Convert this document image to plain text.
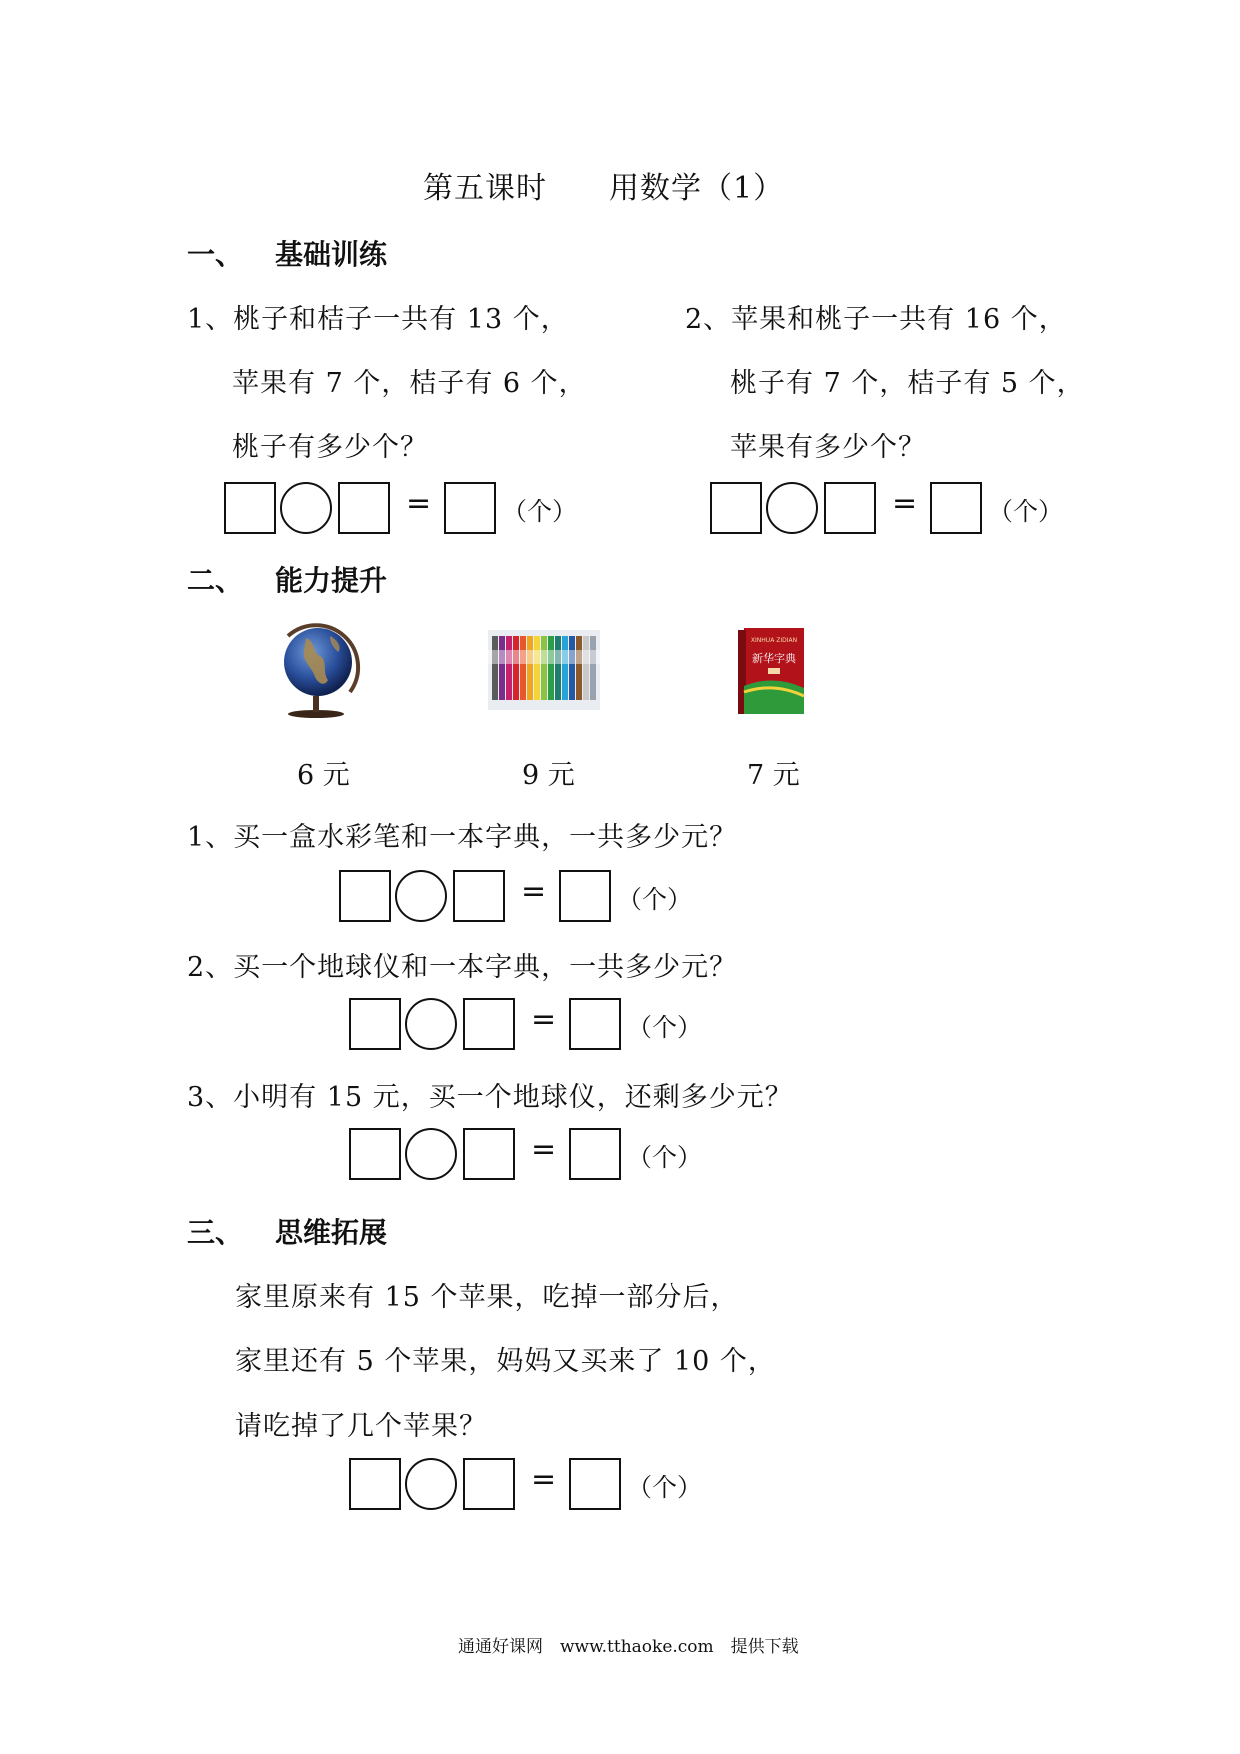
第五课时　　用数学（1）
一、 基础训练
1、桃子和桔子一共有 13 个，
苹果有 7 个，桔子有 6 个，
桃子有多少个？
2、苹果和桃子一共有 16 个，
桃子有 7 个，桔子有 5 个，
苹果有多少个？
=	（个）	=	（个）
二、 能力提升
XINHUA ZIDIAN
新华字典
6 元	9 元	7 元
1、买一盒水彩笔和一本字典，一共多少元？
=	（个）
2、买一个地球仪和一本字典，一共多少元？
=	（个）
3、小明有 15 元，买一个地球仪，还剩多少元？
=	（个）
三、 思维拓展
家里原来有 15 个苹果，吃掉一部分后，
家里还有 5 个苹果，妈妈又买来了 10 个，
请吃掉了几个苹果？
=	（个）
通通好课网　www.tthaoke.com　提供下载
